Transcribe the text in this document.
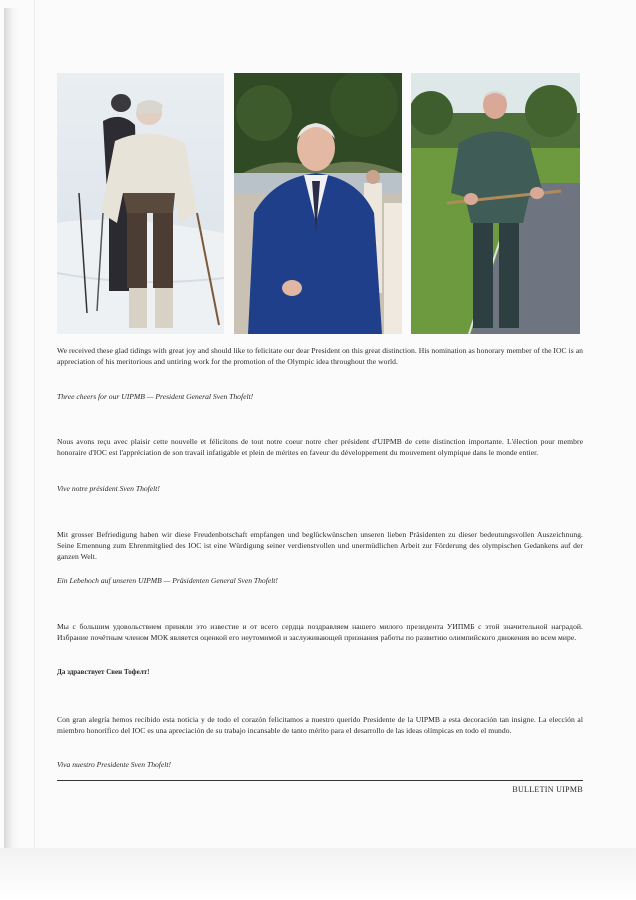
We received these glad tidings with great joy and should like to felicitate our dear President on this great distinction. His nomination as honorary member of the IOC is an appreciation of his meritorious and untiring work for the promotion of the Olympic idea throughout the world.
Three cheers for our UIPMB — President General Sven Thofelt!
Nous avons reçu avec plaisir cette nouvelle et félicitons de tout notre coeur notre cher président d'UIPMB de cette distinction importante. L'élection pour membre honoraire d'IOC est l'appréciation de son travail infatigable et plein de mérites en faveur du développement du mouvement olympique dans le monde entier.
Vive notre président Sven Thofelt!
Mit grosser Befriedigung haben wir diese Freudenbotschaft empfangen und beglückwünschen unseren lieben Präsidenten zu dieser bedeutungsvollen Auszeichnung. Seine Ernennung zum Ehrenmitglied des IOC ist eine Würdigung seiner verdienstvollen und unermüdlichen Arbeit zur Förderung des olympischen Gedankens auf der ganzen Welt.
Ein Lebehoch auf unseren UIPMB — Präsidenten General Sven Thofelt!
Мы с большим удовольствием приняли это известие и от всего сердца поздравляем нашего милого президента УИПМБ с этой значительной наградой. Избрание почётным членом МОК является оценкой его неутомимой и заслуживающей признания работы по развитию олимпийского движения во всем мире.
Да здравствует Свен Тофелт!
Con gran alegría hemos recibido esta noticia y de todo el corazón felicitamos a nuestro querido Presidente de la UIPMB a esta decoración tan insigne. La elección al miembro honorífico del IOC es una apreciación de su trabajo incansable de tanto mérito para el desarrollo de las ideas olímpicas en todo el mundo.
Viva nuestro Presidente Sven Thofelt!
BULLETIN UIPMB
